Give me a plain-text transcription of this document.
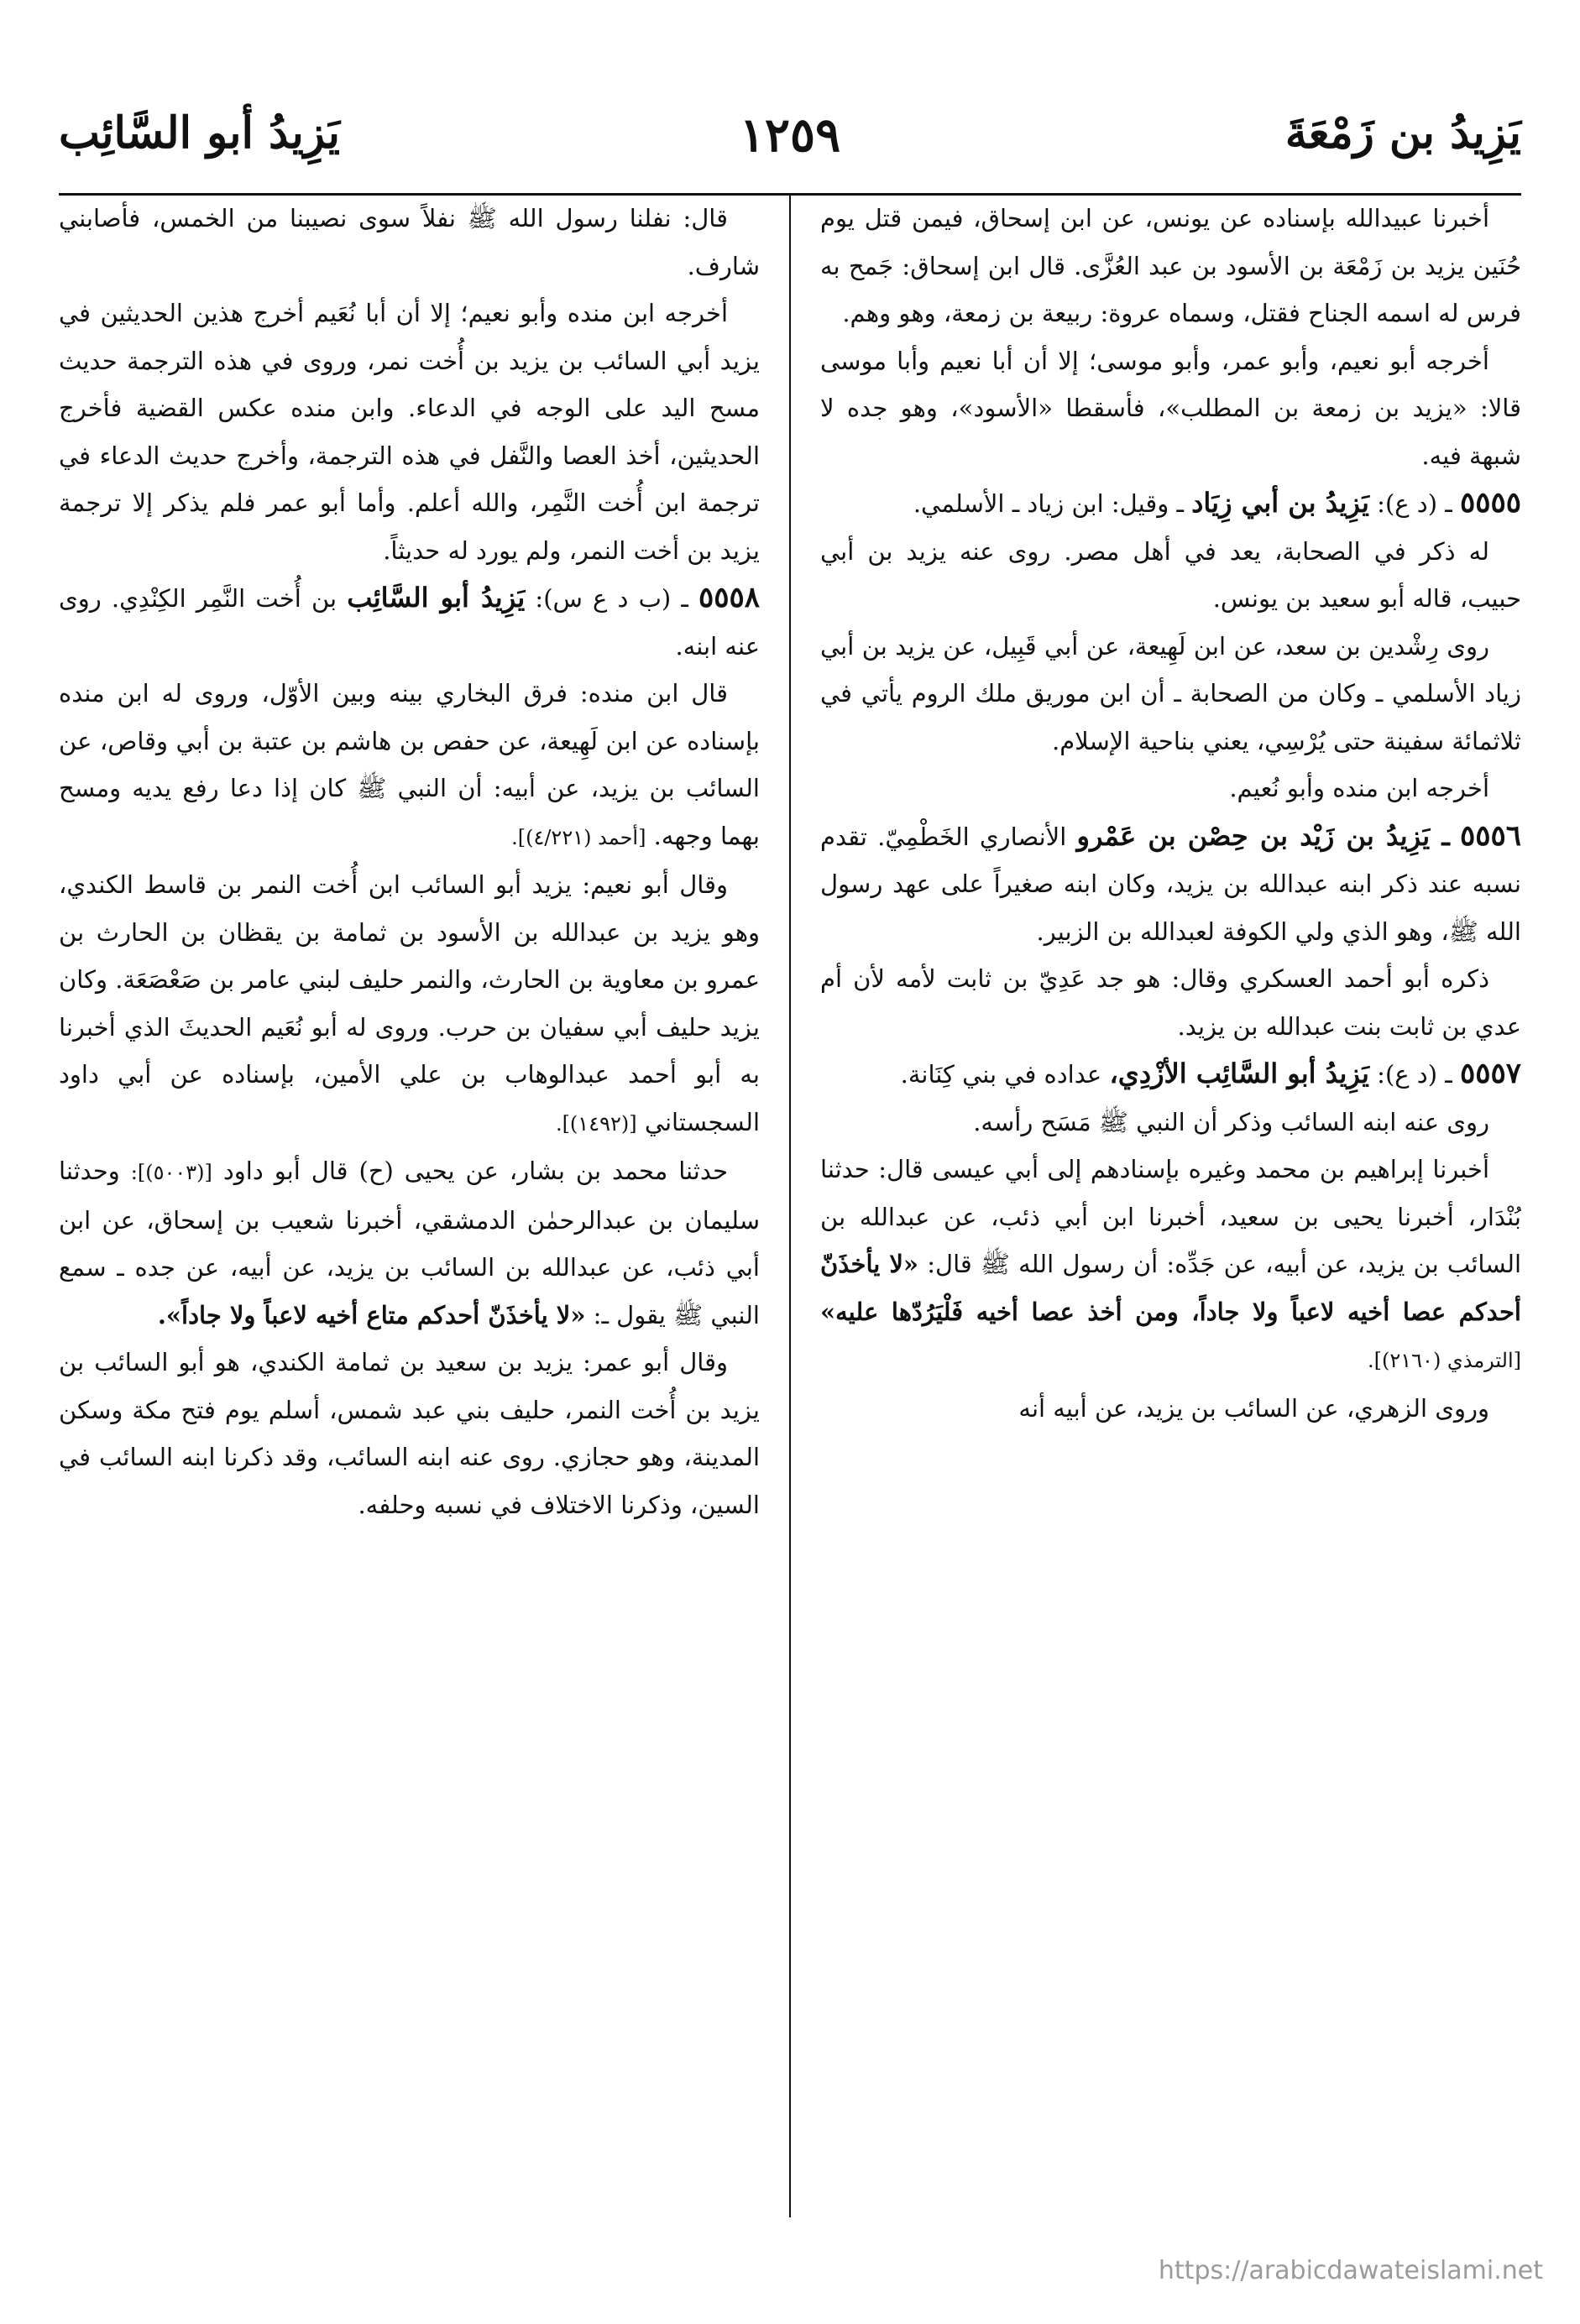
يَزِيدُ بن زَمْعَةَ
١٢٥٩
يَزِيدُ أبو السَّائِب

أخبرنا عبيدالله بإسناده عن يونس، عن ابن إسحاق، فيمن قتل يوم حُنَين يزيد بن زَمْعَة بن الأسود بن عبد العُزَّى. قال ابن إسحاق: جَمح به فرس له اسمه الجناح فقتل، وسماه عروة: ربيعة بن زمعة، وهو وهم.

أخرجه أبو نعيم، وأبو عمر، وأبو موسى؛ إلا أن أبا نعيم وأبا موسى قالا: «يزيد بن زمعة بن المطلب»، فأسقطا «الأسود»، وهو جده لا شبهة فيه.

٥٥٥٥ ـ (د ع): يَزِيدُ بن أبي زِيَاد ـ وقيل: ابن زياد ـ الأسلمي.

له ذكر في الصحابة، يعد في أهل مصر. روى عنه يزيد بن أبي حبيب، قاله أبو سعيد بن يونس.

روى رِشْدين بن سعد، عن ابن لَهِيعة، عن أبي قَبِيل، عن يزيد بن أبي زياد الأسلمي ـ وكان من الصحابة ـ أن ابن موريق ملك الروم يأتي في ثلاثمائة سفينة حتى يُرْسِي، يعني بناحية الإسلام.

أخرجه ابن منده وأبو نُعيم.

٥٥٥٦ ـ يَزِيدُ بن زَيْد بن حِصْن بن عَمْرو الأنصاري الخَطْمِيّ. تقدم نسبه عند ذكر ابنه عبدالله بن يزيد، وكان ابنه صغيراً على عهد رسول الله ﷺ، وهو الذي ولي الكوفة لعبدالله بن الزبير.

ذكره أبو أحمد العسكري وقال: هو جد عَدِيّ بن ثابت لأمه لأن أم عدي بن ثابت بنت عبدالله بن يزيد.

٥٥٥٧ ـ (د ع): يَزِيدُ أبو السَّائِب الأزْدِي، عداده في بني كِنَانة.

روى عنه ابنه السائب وذكر أن النبي ﷺ مَسَح رأسه.

أخبرنا إبراهيم بن محمد وغيره بإسنادهم إلى أبي عيسى قال: حدثنا بُنْدَار، أخبرنا يحيى بن سعيد، أخبرنا ابن أبي ذئب، عن عبدالله بن السائب بن يزيد، عن أبيه، عن جَدِّه: أن رسول الله ﷺ قال: «لا يأخذَنّ أحدكم عصا أخيه لاعباً ولا جاداً، ومن أخذ عصا أخيه فَلْيَرُدّها عليه» [الترمذي (٢١٦٠)].

وروى الزهري، عن السائب بن يزيد، عن أبيه أنه

قال: نفلنا رسول الله ﷺ نفلاً سوى نصيبنا من الخمس، فأصابني شارف.

أخرجه ابن منده وأبو نعيم؛ إلا أن أبا نُعَيم أخرج هذين الحديثين في يزيد أبي السائب بن يزيد بن أُخت نمر، وروى في هذه الترجمة حديث مسح اليد على الوجه في الدعاء. وابن منده عكس القضية فأخرج الحديثين، أخذ العصا والنَّفل في هذه الترجمة، وأخرج حديث الدعاء في ترجمة ابن أُخت النَّمِر، والله أعلم. وأما أبو عمر فلم يذكر إلا ترجمة يزيد بن أخت النمر، ولم يورد له حديثاً.

٥٥٥٨ ـ (ب د ع س): يَزِيدُ أبو السَّائِب بن أُخت النَّمِر الكِنْدِي. روى عنه ابنه.

قال ابن منده: فرق البخاري بينه وبين الأوّل، وروى له ابن منده بإسناده عن ابن لَهِيعة، عن حفص بن هاشم بن عتبة بن أبي وقاص، عن السائب بن يزيد، عن أبيه: أن النبي ﷺ كان إذا دعا رفع يديه ومسح بهما وجهه. [أحمد (٤/٢٢١)].

وقال أبو نعيم: يزيد أبو السائب ابن أُخت النمر بن قاسط الكندي، وهو يزيد بن عبدالله بن الأسود بن ثمامة بن يقظان بن الحارث بن عمرو بن معاوية بن الحارث، والنمر حليف لبني عامر بن صَعْصَعَة. وكان يزيد حليف أبي سفيان بن حرب. وروى له أبو نُعَيم الحديثَ الذي أخبرنا به أبو أحمد عبدالوهاب بن علي الأمين، بإسناده عن أبي داود السجستاني [(١٤٩٢)].

حدثنا محمد بن بشار، عن يحيى (ح) قال أبو داود [(٥٠٠٣)]: وحدثنا سليمان بن عبدالرحمٰن الدمشقي، أخبرنا شعيب بن إسحاق، عن ابن أبي ذئب، عن عبدالله بن السائب بن يزيد، عن أبيه، عن جده ـ سمع النبي ﷺ يقول ـ: «لا يأخذَنّ أحدكم متاع أخيه لاعباً ولا جاداً».

وقال أبو عمر: يزيد بن سعيد بن ثمامة الكندي، هو أبو السائب بن يزيد بن أُخت النمر، حليف بني عبد شمس، أسلم يوم فتح مكة وسكن المدينة، وهو حجازي. روى عنه ابنه السائب، وقد ذكرنا ابنه السائب في السين، وذكرنا الاختلاف في نسبه وحلفه.

https://arabicdawateislami.net
